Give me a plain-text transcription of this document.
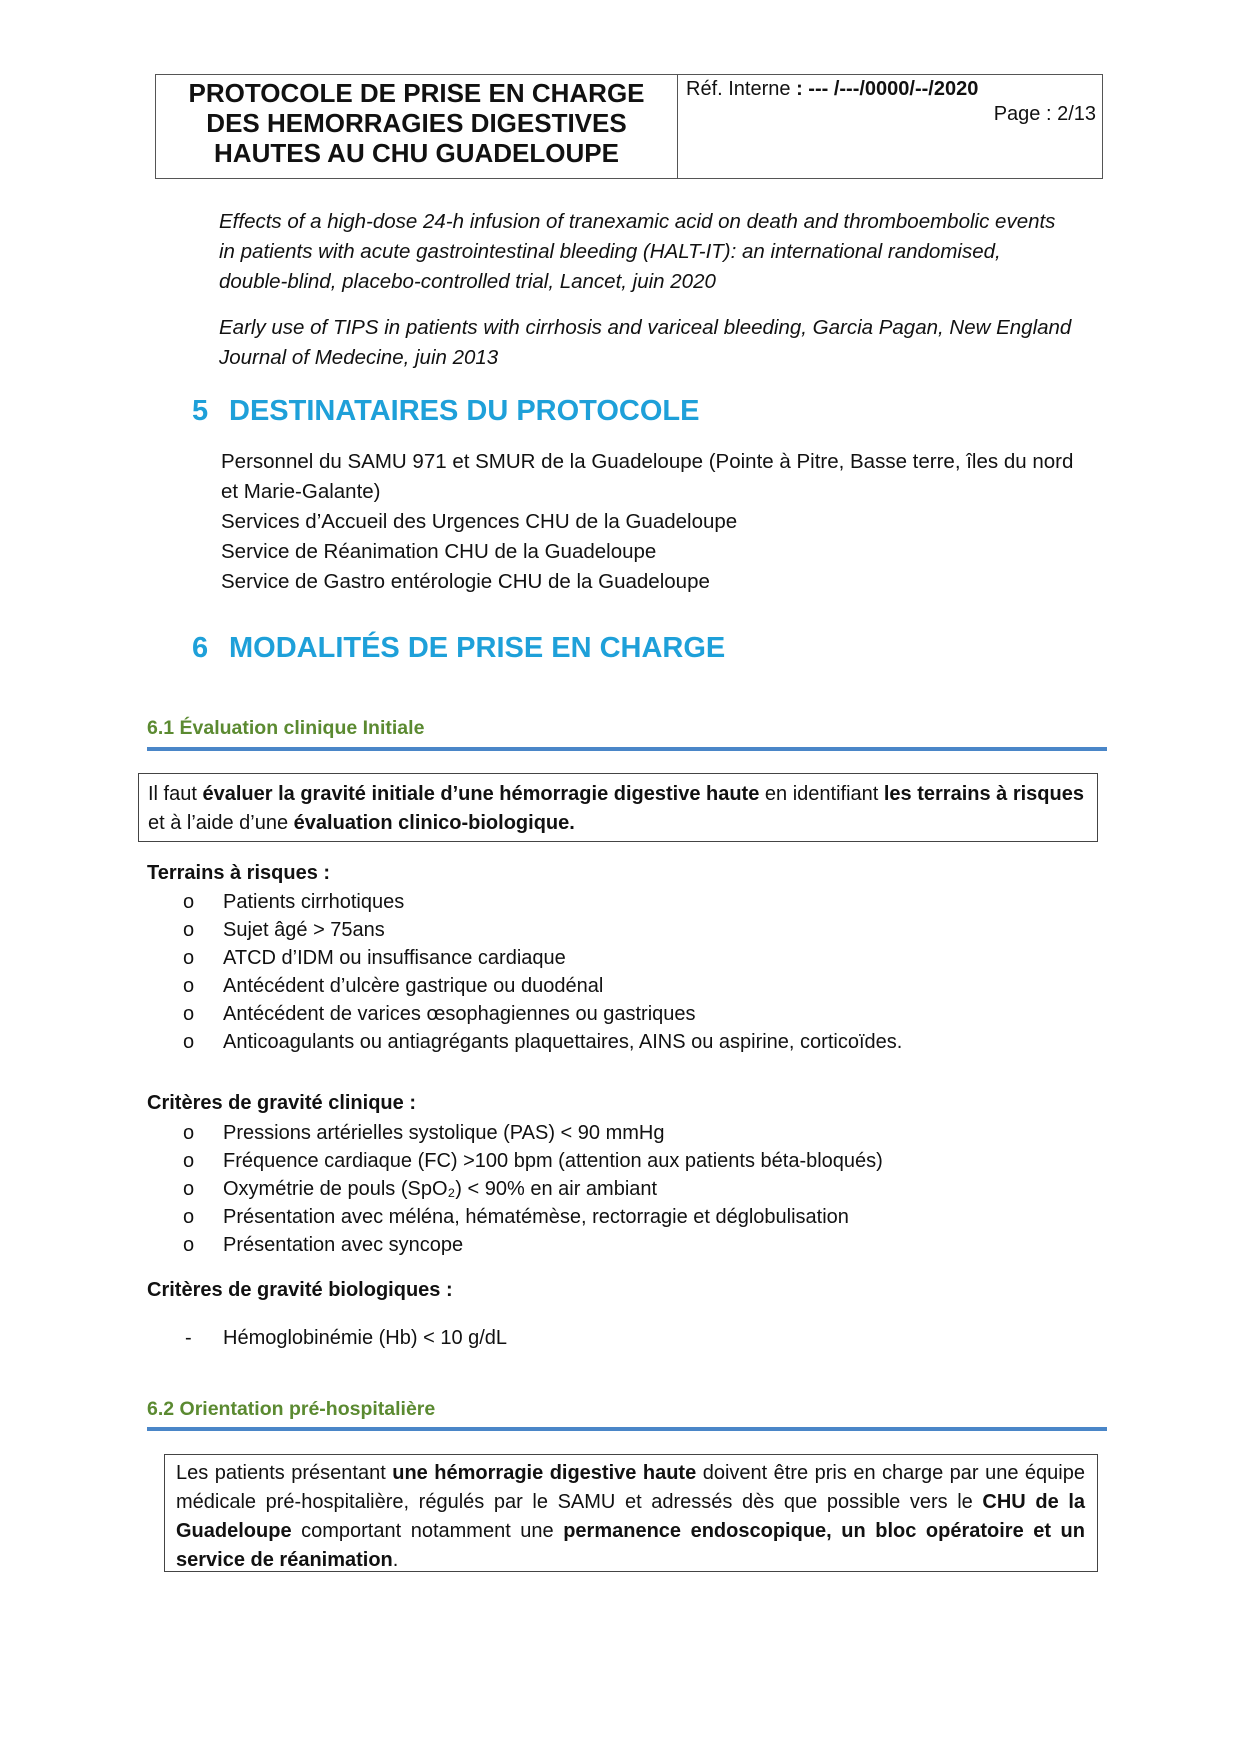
PROTOCOLE DE PRISE EN CHARGE
DES HEMORRAGIES DIGESTIVES
HAUTES AU CHU GUADELOUPE
Réf. Interne : --- /---/0000/--/2020
Page : 2/13
Effects of a high-dose 24-h infusion of tranexamic acid on death and thromboembolic events
in patients with acute gastrointestinal bleeding (HALT-IT): an international randomised,
double-blind, placebo-controlled trial, Lancet, juin 2020
Early use of TIPS in patients with cirrhosis and variceal bleeding, Garcia Pagan, New England
Journal of Medecine, juin 2013
5 DESTINATAIRES DU PROTOCOLE
Personnel du SAMU 971 et SMUR de la Guadeloupe (Pointe à Pitre, Basse terre, îles du nord
et Marie-Galante)
Services d’Accueil des Urgences CHU de la Guadeloupe
Service de Réanimation CHU de la Guadeloupe
Service de Gastro entérologie CHU de la Guadeloupe
6 MODALITÉS DE PRISE EN CHARGE
6.1 Évaluation clinique Initiale
Il faut évaluer la gravité initiale d’une hémorragie digestive haute en identifiant les terrains à risques
et à l’aide d’une évaluation clinico-biologique.
Terrains à risques :
o Patients cirrhotiques
o Sujet âgé > 75ans
o ATCD d’IDM ou insuffisance cardiaque
o Antécédent d’ulcère gastrique ou duodénal
o Antécédent de varices œsophagiennes ou gastriques
o Anticoagulants ou antiagrégants plaquettaires, AINS ou aspirine, corticoïdes.
Critères de gravité clinique :
o Pressions artérielles systolique (PAS) < 90 mmHg
o Fréquence cardiaque (FC) >100 bpm (attention aux patients béta-bloqués)
o Oxymétrie de pouls (SpO₂) < 90% en air ambiant
o Présentation avec méléna, hématémèse, rectorragie et déglobulisation
o Présentation avec syncope
Critères de gravité biologiques :
- Hémoglobinémie (Hb) < 10 g/dL
6.2 Orientation pré-hospitalière
Les patients présentant une hémorragie digestive haute doivent être pris en charge par une équipe médicale pré-hospitalière, régulés par le SAMU et adressés dès que possible vers le CHU de la Guadeloupe comportant notamment une permanence endoscopique, un bloc opératoire et un service de réanimation.
